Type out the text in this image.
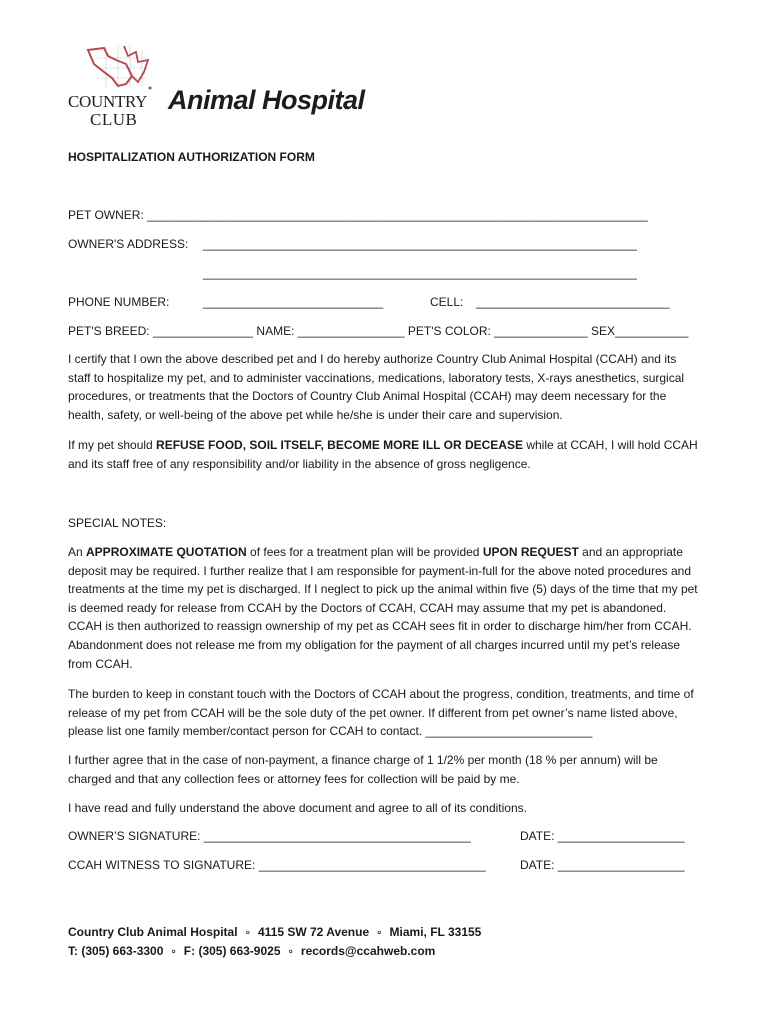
COUNTRY
CLUB
Animal Hospital
HOSPITALIZATION AUTHORIZATION FORM
PET OWNER: ___________________________________________________________________________
OWNER'S ADDRESS: _________________________________________________________________
_________________________________________________________________
PHONE NUMBER:	___________________________	CELL: _____________________________
PET'S BREED: _______________ NAME: ________________ PET'S COLOR: ______________ SEX___________
I certify that I own the above described pet and I do hereby authorize Country Club Animal Hospital (CCAH) and its staff to hospitalize my pet, and to administer vaccinations, medications, laboratory tests, X-rays anesthetics, surgical procedures, or treatments that the Doctors of Country Club Animal Hospital (CCAH) may deem necessary for the health, safety, or well-being of the above pet while he/she is under their care and supervision.
If my pet should REFUSE FOOD, SOIL ITSELF, BECOME MORE ILL OR DECEASE while at CCAH, I will hold CCAH and its staff free of any responsibility and/or liability in the absence of gross negligence.
SPECIAL NOTES:
An APPROXIMATE QUOTATION of fees for a treatment plan will be provided UPON REQUEST and an appropriate deposit may be required. I further realize that I am responsible for payment-in-full for the above noted procedures and treatments at the time my pet is discharged. If I neglect to pick up the animal within five (5) days of the time that my pet is deemed ready for release from CCAH by the Doctors of CCAH, CCAH may assume that my pet is abandoned. CCAH is then authorized to reassign ownership of my pet as CCAH sees fit in order to discharge him/her from CCAH. Abandonment does not release me from my obligation for the payment of all charges incurred until my pet’s release from CCAH.
The burden to keep in constant touch with the Doctors of CCAH about the progress, condition, treatments, and time of release of my pet from CCAH will be the sole duty of the pet owner. If different from pet owner’s name listed above, please list one family member/contact person for CCAH to contact. _________________________
I further agree that in the case of non-payment, a finance charge of 1 1/2% per month (18 % per annum) will be charged and that any collection fees or attorney fees for collection will be paid by me.
I have read and fully understand the above document and agree to all of its conditions.
OWNER’S SIGNATURE: ________________________________________	DATE: ___________________
CCAH WITNESS TO SIGNATURE: __________________________________	DATE: ___________________
Country Club Animal Hospital ⚬ 4115 SW 72 Avenue ⚬ Miami, FL 33155
T: (305) 663-3300 ⚬ F: (305) 663-9025 ⚬ records@ccahweb.com
